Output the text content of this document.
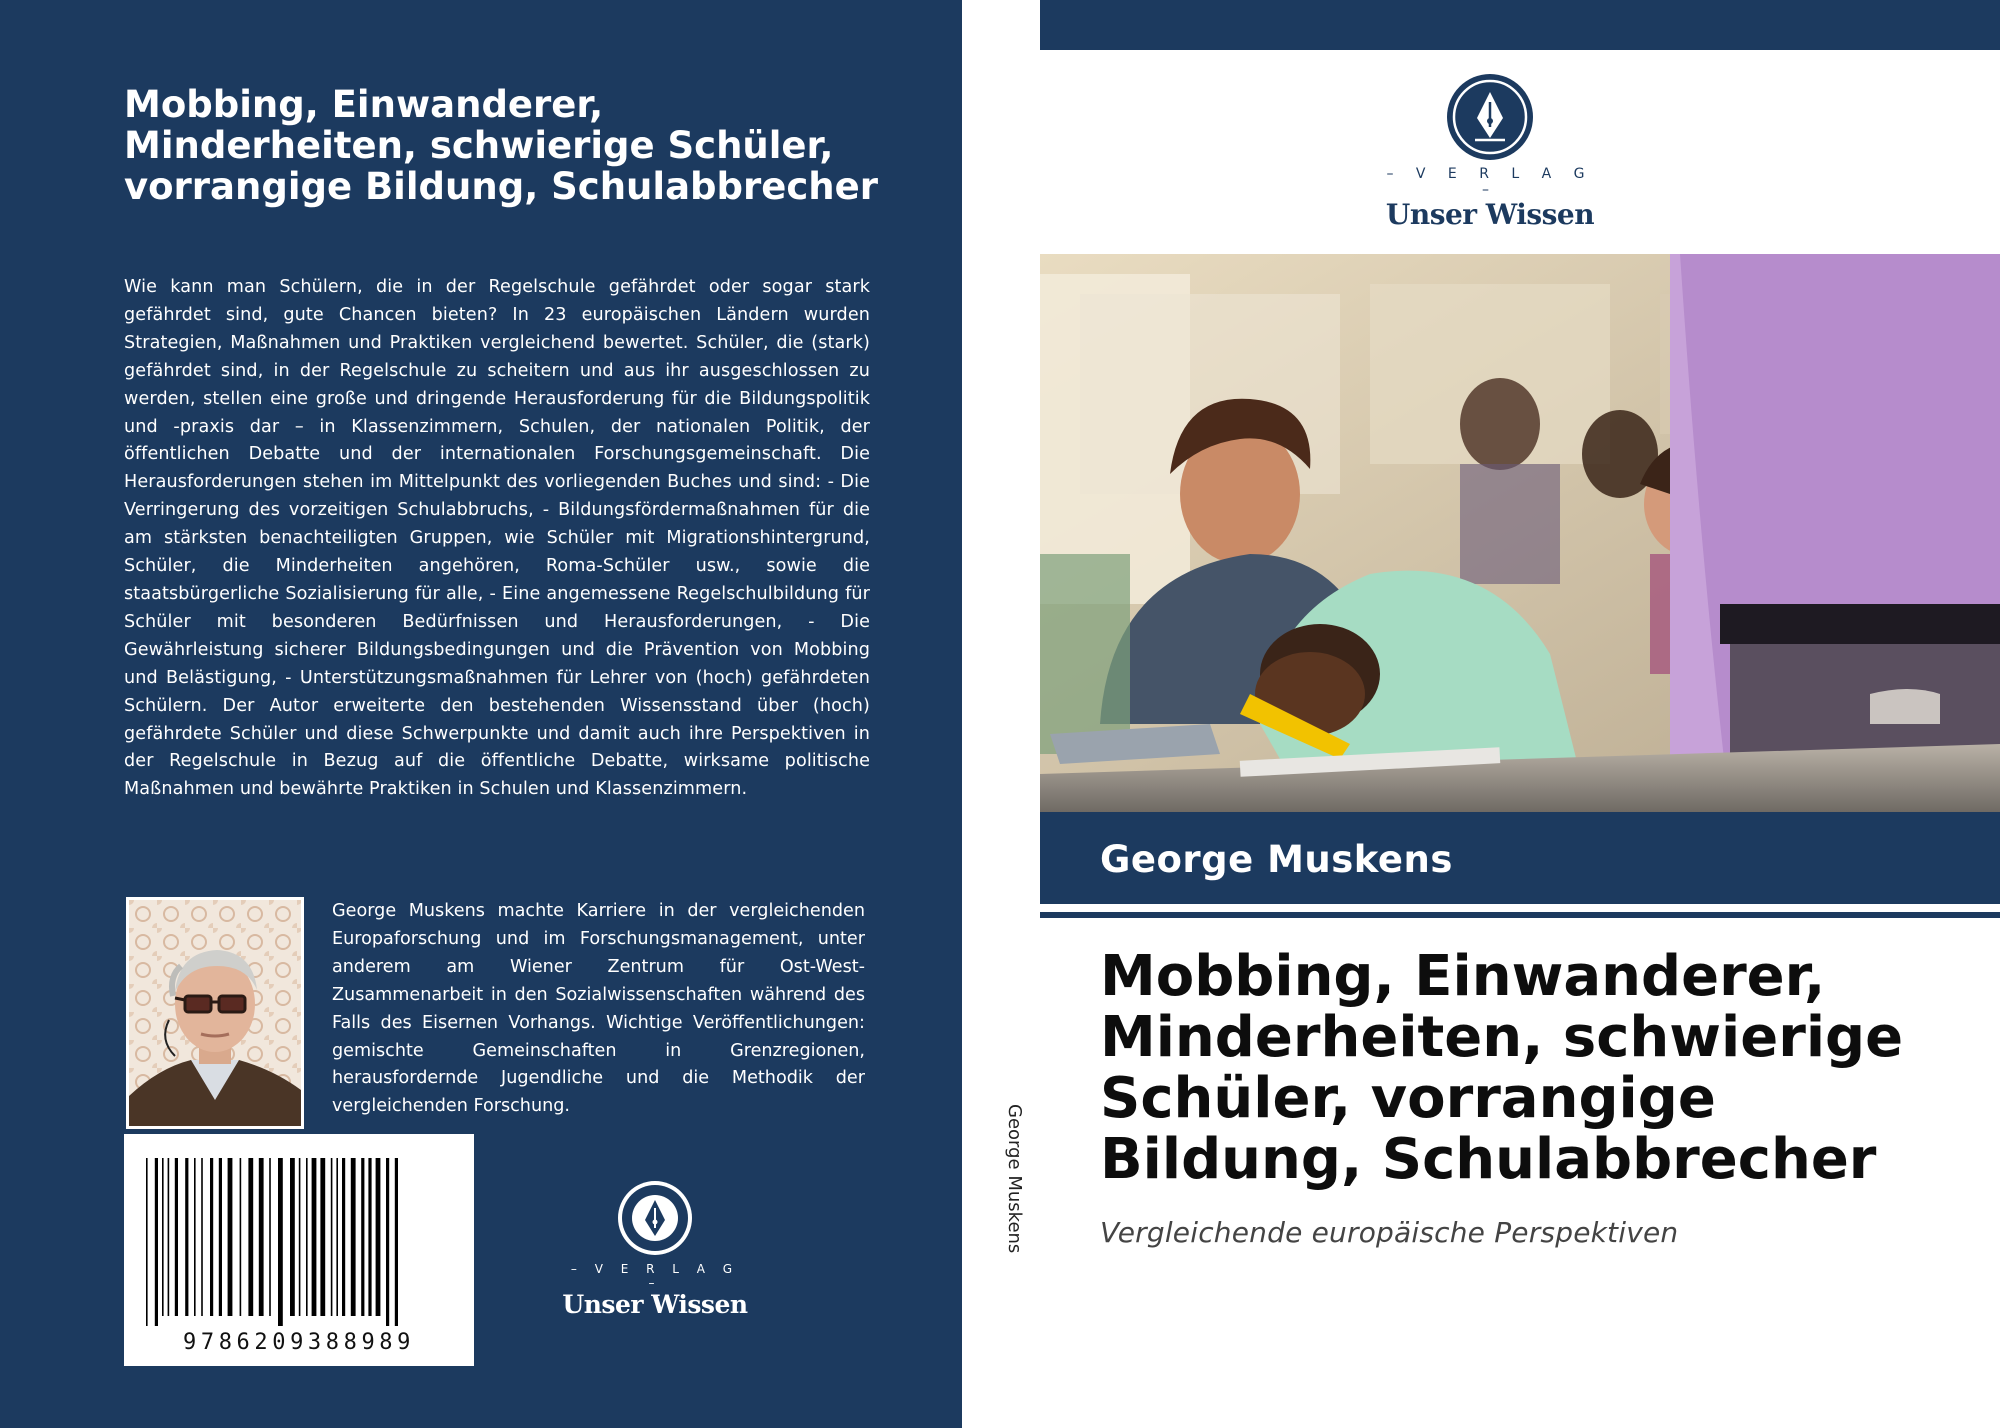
Mobbing, Einwanderer, Minderheiten, schwierige Schüler, vorrangige Bildung, Schulabbrecher

Wie kann man Schülern, die in der Regelschule gefährdet oder sogar stark gefährdet sind, gute Chancen bieten? In 23 europäischen Ländern wurden Strategien, Maßnahmen und Praktiken vergleichend bewertet. Schüler, die (stark) gefährdet sind, in der Regelschule zu scheitern und aus ihr ausgeschlossen zu werden, stellen eine große und dringende Herausforderung für die Bildungspolitik und -praxis dar – in Klassenzimmern, Schulen, der nationalen Politik, der öffentlichen Debatte und der internationalen Forschungsgemeinschaft. Die Herausforderungen stehen im Mittelpunkt des vorliegenden Buches und sind: - Die Verringerung des vorzeitigen Schulabbruchs, - Bildungsfördermaßnahmen für die am stärksten benachteiligten Gruppen, wie Schüler mit Migrationshintergrund, Schüler, die Minderheiten angehören, Roma-Schüler usw., sowie die staatsbürgerliche Sozialisierung für alle, - Eine angemessene Regelschulbildung für Schüler mit besonderen Bedürfnissen und Herausforderungen, - Die Gewährleistung sicherer Bildungsbedingungen und die Prävention von Mobbing und Belästigung, - Unterstützungsmaßnahmen für Lehrer von (hoch) gefährdeten Schülern. Der Autor erweiterte den bestehenden Wissensstand über (hoch) gefährdete Schüler und diese Schwerpunkte und damit auch ihre Perspektiven in der Regelschule in Bezug auf die öffentliche Debatte, wirksame politische Maßnahmen und bewährte Praktiken in Schulen und Klassenzimmern.

George Muskens machte Karriere in der vergleichenden Europaforschung und im Forschungsmanagement, unter anderem am Wiener Zentrum für Ost-West-Zusammenarbeit in den Sozialwissenschaften während des Falls des Eisernen Vorhangs. Wichtige Veröffentlichungen: gemischte Gemeinschaften in Grenzregionen, herausfordernde Jugendliche und die Methodik der vergleichenden Forschung.

9786209388989
– V E R L A G –
Unser Wissen
George Muskens
– V E R L A G –
Unser Wissen
George Muskens
Mobbing, Einwanderer, Minderheiten, schwierige Schüler, vorrangige Bildung, Schulabbrecher
Vergleichende europäische Perspektiven
